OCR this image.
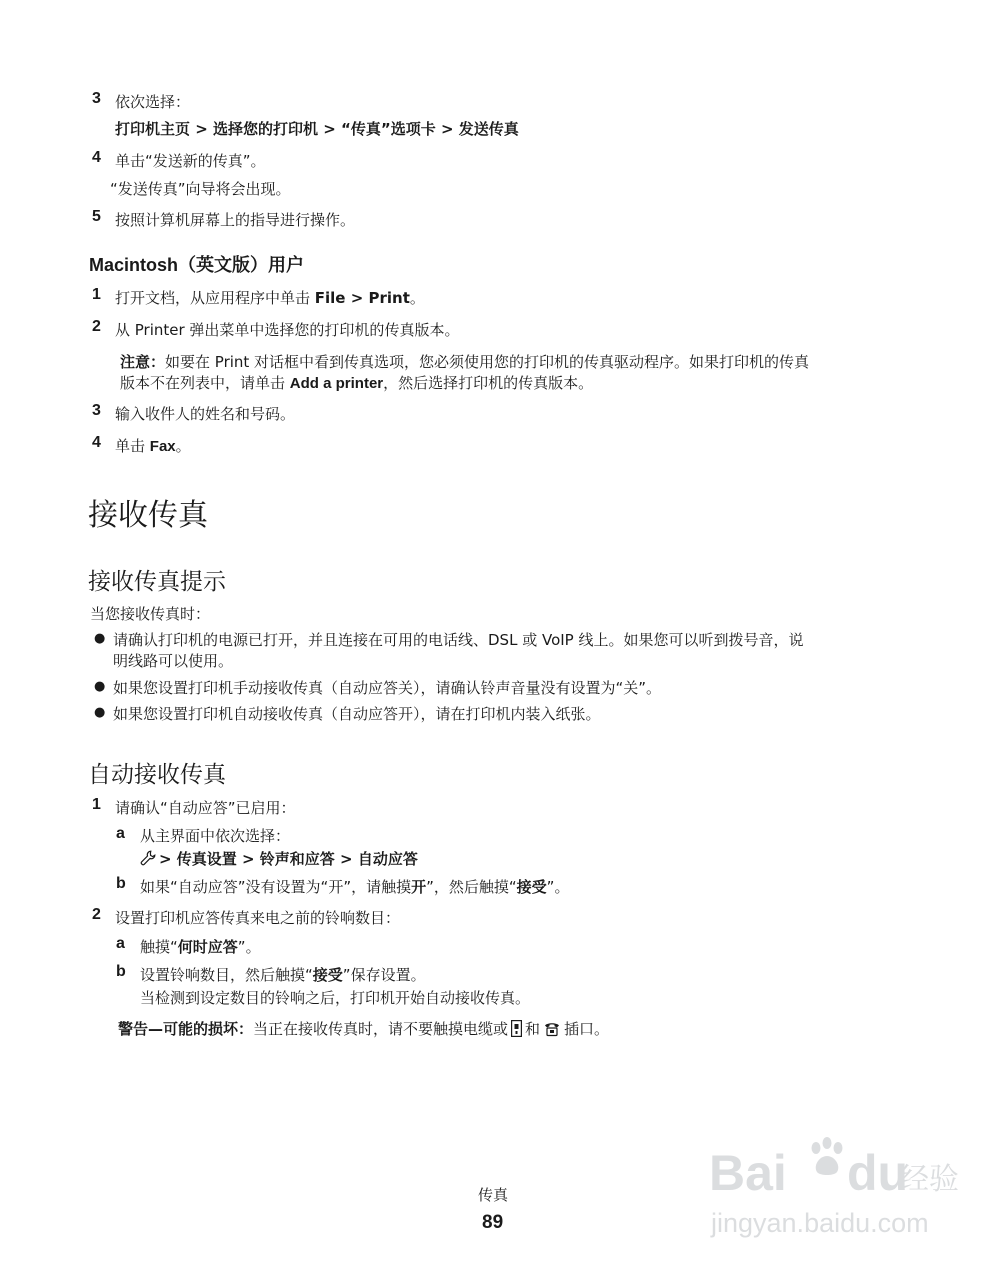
3 依次选择：
打印机主页 > 选择您的打印机 > “传真”选项卡 > 发送传真
4 单击“发送新的传真”。
“发送传真”向导将会出现。
5 按照计算机屏幕上的指导进行操作。
Macintosh（英文版）用户
1 打开文档，从应用程序中单击 File > Print。
2 从 Printer 弹出菜单中选择您的打印机的传真版本。
注意：如要在 Print 对话框中看到传真选项，您必须使用您的打印机的传真驱动程序。如果打印机的传真
版本不在列表中，请单击 Add a printer，然后选择打印机的传真版本。
3 输入收件人的姓名和号码。
4 单击 Fax。
接收传真
接收传真提示
当您接收传真时：
● 请确认打印机的电源已打开，并且连接在可用的电话线、DSL 或 VoIP 线上。如果您可以听到拨号音，说
明线路可以使用。
● 如果您设置打印机手动接收传真（自动应答关），请确认铃声音量没有设置为“关”。
● 如果您设置打印机自动接收传真（自动应答开），请在打印机内装入纸张。
自动接收传真
1 请确认“自动应答”已启用：
a 从主界面中依次选择：
> 传真设置 > 铃声和应答 > 自动应答
b 如果“自动应答”没有设置为“开”，请触摸开”，然后触摸“接受”。
2 设置打印机应答传真来电之前的铃响数目：
a 触摸“何时应答”。
b 设置铃响数目，然后触摸“接受”保存设置。
当检测到设定数目的铃响之后，打印机开始自动接收传真。
警告—可能的损坏：当正在接收传真时，请不要触摸电缆或 和 插口。
传真
89
Bai du
经验
jingyan.baidu.com
